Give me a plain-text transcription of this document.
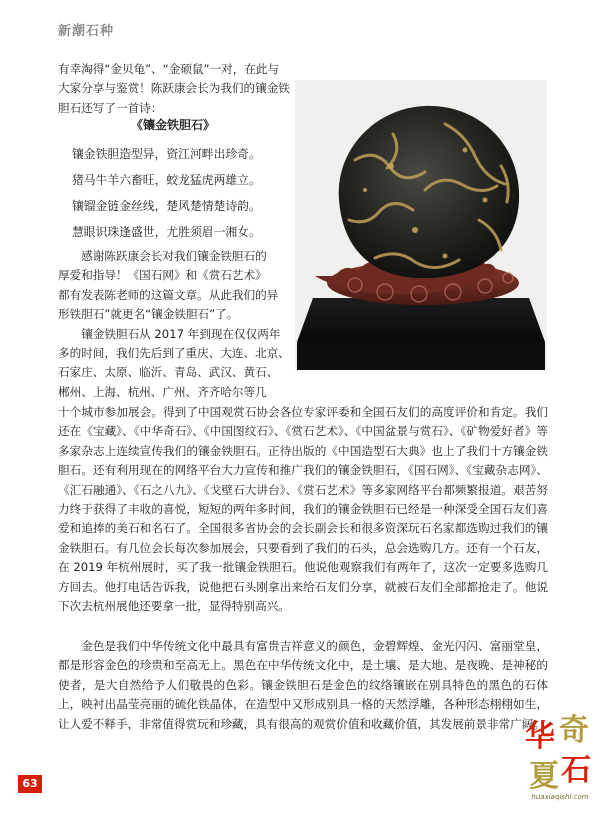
新潮石种

有幸淘得“金贝龟”、“金硕鼠”一对，在此与大家分享与鉴赏！陈跃康会长为我们的镶金铁胆石还写了一首诗：

《镶金铁胆石》
镶金铁胆造型异，资江河畔出珍奇。
猪马牛羊六畜旺，蛟龙猛虎两雄立。
镶镏金链金丝线，楚风楚情楚诗韵。
慧眼识珠逢盛世，尤胜须眉一湘女。

感谢陈跃康会长对我们镶金铁胆石的

厚爱和指导！《国石网》和《赏石艺术》

都有发表陈老师的这篇文章。从此我们的异

形铁胆石”就更名“镶金铁胆石”了。

镶金铁胆石从 2017 年到现在仅仅两年

多的时间，我们先后到了重庆、大连、北京、

石家庄、太原、临沂、青岛、武汉、黄石、

郴州、上海、杭州、广州、齐齐哈尔等几

十个城市参加展会。得到了中国观赏石协会各位专家评委和全国石友们的高度评价和肯定。我们还在《宝藏》、《中华奇石》、《中国图纹石》、《赏石艺术》、《中国盆景与赏石》、《矿物爱好者》等多家杂志上连续宣传我们的镶金铁胆石。正待出版的《中国造型石大典》也上了我们十方镶金铁胆石。还有利用现在的网络平台大力宣传和推广我们的镶金铁胆石，《国石网》、《宝藏杂志网》、《汇石融通》、《石之八九》、《戈壁石大讲台》、《赏石艺术》等多家网络平台都频繁报道。艰苦努力终于获得了丰收的喜悦，短短的两年多时间，我们的镶金铁胆石已经是一种深受全国石友们喜爱和追捧的美石和名石了。全国很多省协会的会长副会长和很多资深玩石名家都选购过我们的镶金铁胆石。有几位会长每次参加展会，只要看到了我们的石头，总会选购几方。还有一个石友，在 2019 年杭州展时，买了我一批镶金铁胆石。他说他观察我们有两年了，这次一定要多选购几方回去。他打电话告诉我，说他把石头刚拿出来给石友们分享，就被石友们全部都抢走了。他说下次去杭州展他还要拿一批，显得特别高兴。

金色是我们中华传统文化中最具有富贵吉祥意义的颜色，金碧辉煌、金光闪闪、富丽堂皇，都是形容金色的珍贵和至高无上。黑色在中华传统文化中，是土壤、是大地、是夜晚、是神秘的使者，是大自然给予人们敬畏的色彩。镶金铁胆石是金色的纹络镶嵌在别具特色的黑色的石体上，映衬出晶莹亮丽的硫化铁晶体，在造型中又形成别具一格的天然浮雕，各种形态栩栩如生，让人爱不释手，非常值得赏玩和珍藏，具有很高的观赏价值和收藏价值，其发展前景非常广阔。

63
华 奇
夏 石
huaxiaqishi.com
